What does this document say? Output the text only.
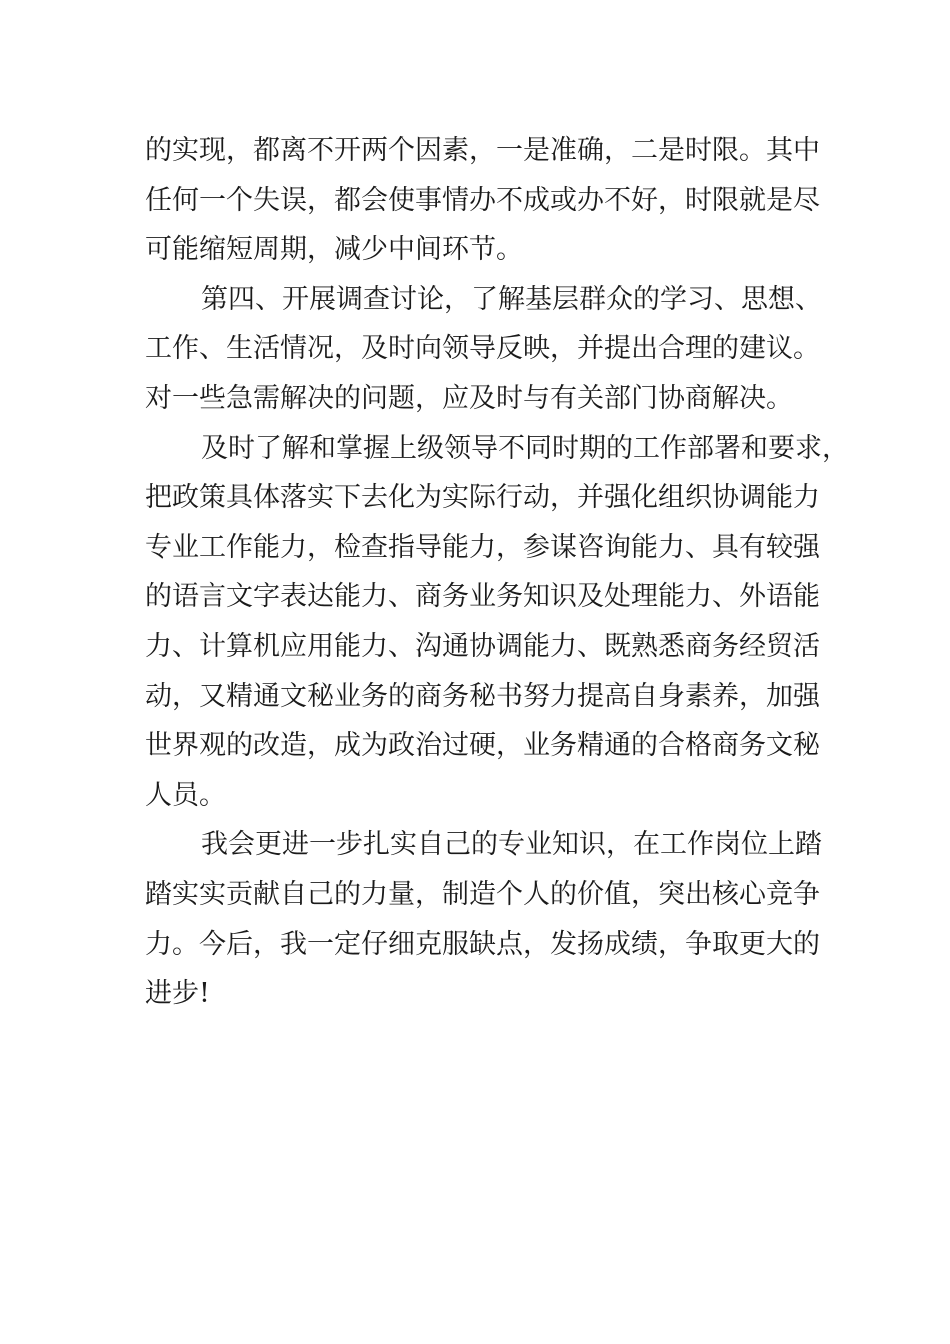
的实现，都离不开两个因素，一是准确，二是时限。其中
任何一个失误，都会使事情办不成或办不好，时限就是尽
可能缩短周期，减少中间环节。
第四、开展调查讨论，了解基层群众的学习、思想、
工作、生活情况，及时向领导反映，并提出合理的建议。
对一些急需解决的问题，应及时与有关部门协商解决。
及时了解和掌握上级领导不同时期的工作部署和要求，
把政策具体落实下去化为实际行动，并强化组织协调能力
专业工作能力，检查指导能力，参谋咨询能力、具有较强
的语言文字表达能力、商务业务知识及处理能力、外语能
力、计算机应用能力、沟通协调能力、既熟悉商务经贸活
动，又精通文秘业务的商务秘书努力提高自身素养，加强
世界观的改造，成为政治过硬，业务精通的合格商务文秘
人员。
我会更进一步扎实自己的专业知识，在工作岗位上踏
踏实实贡献自己的力量，制造个人的价值，突出核心竞争
力。今后，我一定仔细克服缺点，发扬成绩，争取更大的
进步!
